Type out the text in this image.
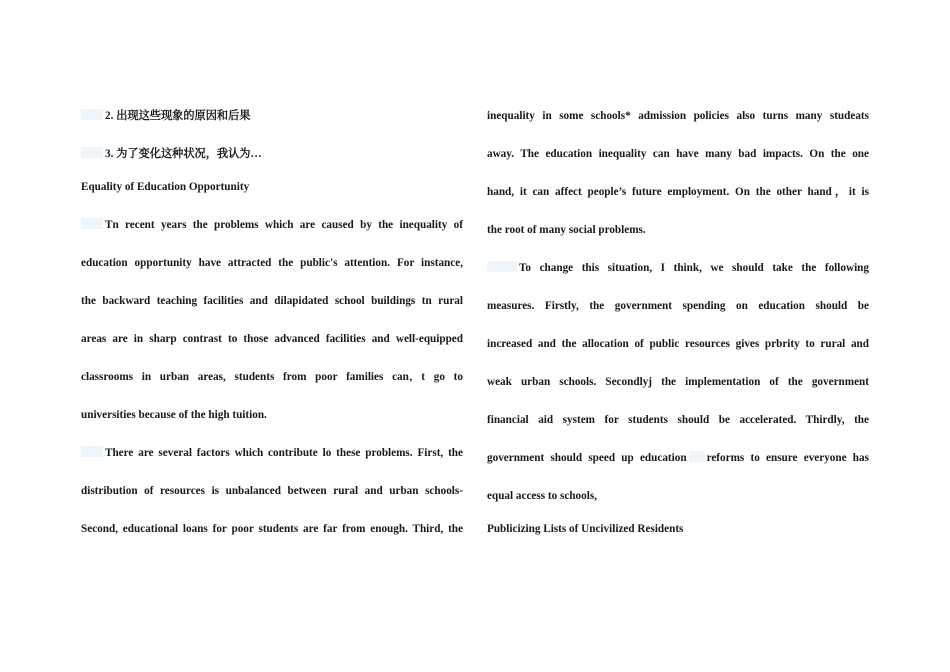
2. 出现这些现象的原因和后果
3. 为了变化这种状况，我认为…
Equality of Education Opportunity
Tn recent years the problems which are caused by the inequality of
education opportunity have attracted the public's attention. For instance,
the backward teaching facilities and dilapidated school buildings tn rural
areas are in sharp contrast to those advanced facilities and well-equipped
classrooms in urban areas, students from poor families can‚ t go to
universities because of the high tuition.
There are several factors which contribute lo these problems. First, the
distribution of resources is unbalanced between rural and urban schools-
Second, educational loans for poor students are far from enough. Third, the
inequality in some schools* admission policies also turns many studeats
away. The education inequality can have many bad impacts. On the one
hand, it can affect people’s future employment. On the other hand，it is
the root of many social problems.
To change this situation, I think, we should take the following
measures. Firstly, the government spending on education should be
increased and the allocation of public resources gives prbrity to rural and
weak urban schools. Secondlyj the implementation of the government
financial aid system for students should be accelerated. Thirdly, the
government should speed up education reforms to ensure everyone has
equal access to schools,
Publicizing Lists of Uncivilized Residents
